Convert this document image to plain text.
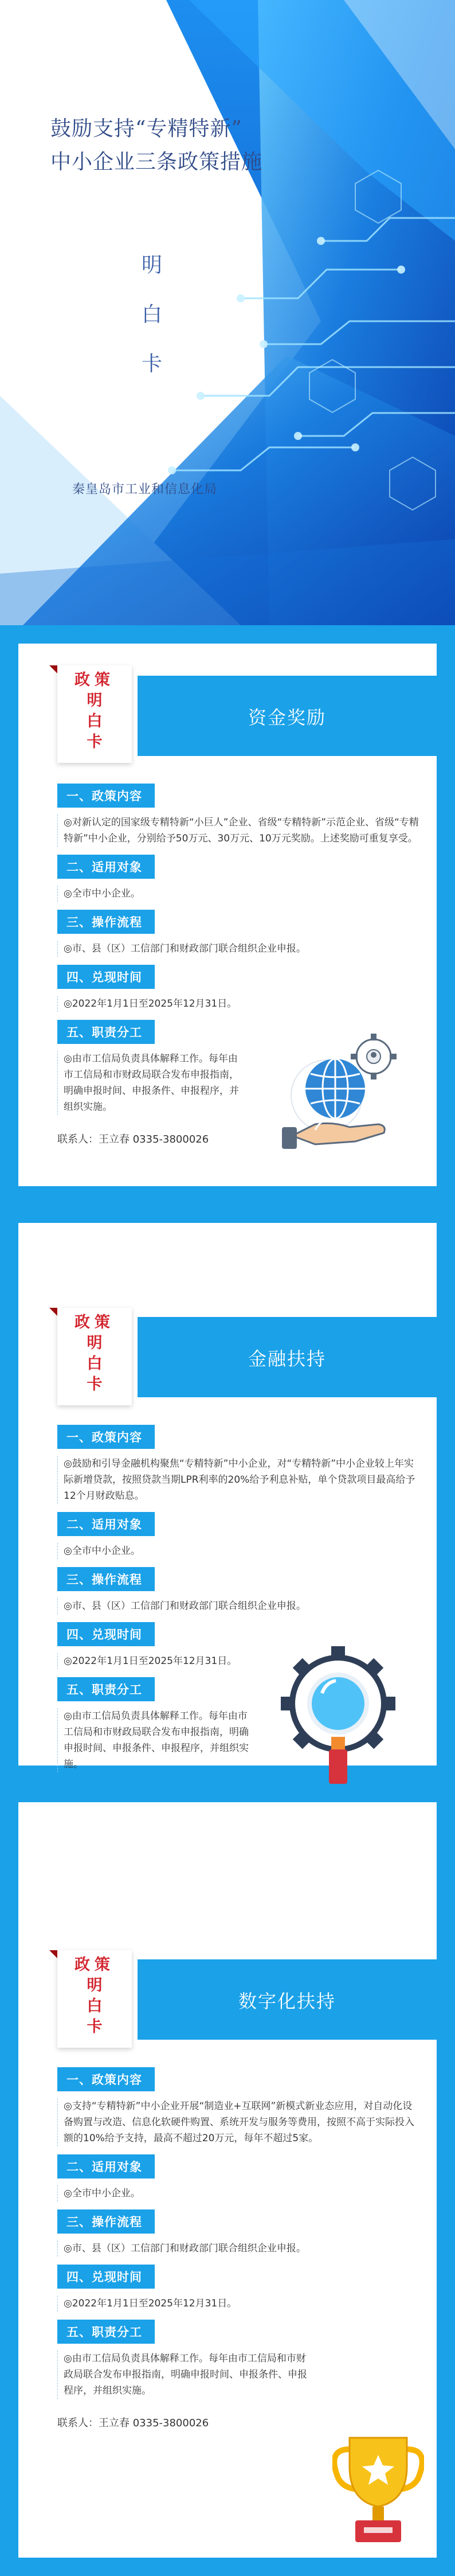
鼓励支持“专精特新”
中小企业三条政策措施
明
白
卡
秦皇岛市工业和信息化局
政策
明
白
卡
资金奖励
一、政策内容
◎对新认定的国家级专精特新“小巨人”企业、省级“专精特新”示范企业、省级“专精特新”中小企业，分别给予50万元、30万元、10万元奖励。上述奖励可重复享受。
二、适用对象
◎全市中小企业。
三、操作流程
◎市、县（区）工信部门和财政部门联合组织企业申报。
四、兑现时间
◎2022年1月1日至2025年12月31日。
五、职责分工
◎由市工信局负责具体解释工作。每年由市工信局和市财政局联合发布申报指南，明确申报时间、申报条件、申报程序，并组织实施。
联系人：王立春 0335-3800026
政策
明
白
卡
金融扶持
一、政策内容
◎鼓励和引导金融机构聚焦“专精特新”中小企业，对“专精特新”中小企业较上年实际新增贷款，按照贷款当期LPR利率的20%给予利息补贴，单个贷款项目最高给予12个月财政贴息。
二、适用对象
◎全市中小企业。
三、操作流程
◎市、县（区）工信部门和财政部门联合组织企业申报。
四、兑现时间
◎2022年1月1日至2025年12月31日。
五、职责分工
◎由市工信局负责具体解释工作。每年由市工信局和市财政局联合发布申报指南，明确申报时间、申报条件、申报程序，并组织实施。
政策
明
白
卡
数字化扶持
一、政策内容
◎支持“专精特新”中小企业开展“制造业+互联网”新模式新业态应用，对自动化设备购置与改造、信息化软硬件购置、系统开发与服务等费用，按照不高于实际投入额的10%给予支持，最高不超过20万元，每年不超过5家。
二、适用对象
◎全市中小企业。
三、操作流程
◎市、县（区）工信部门和财政部门联合组织企业申报。
四、兑现时间
◎2022年1月1日至2025年12月31日。
五、职责分工
◎由市工信局负责具体解释工作。每年由市工信局和市财政局联合发布申报指南，明确申报时间、申报条件、申报程序，并组织实施。
联系人：王立春 0335-3800026
